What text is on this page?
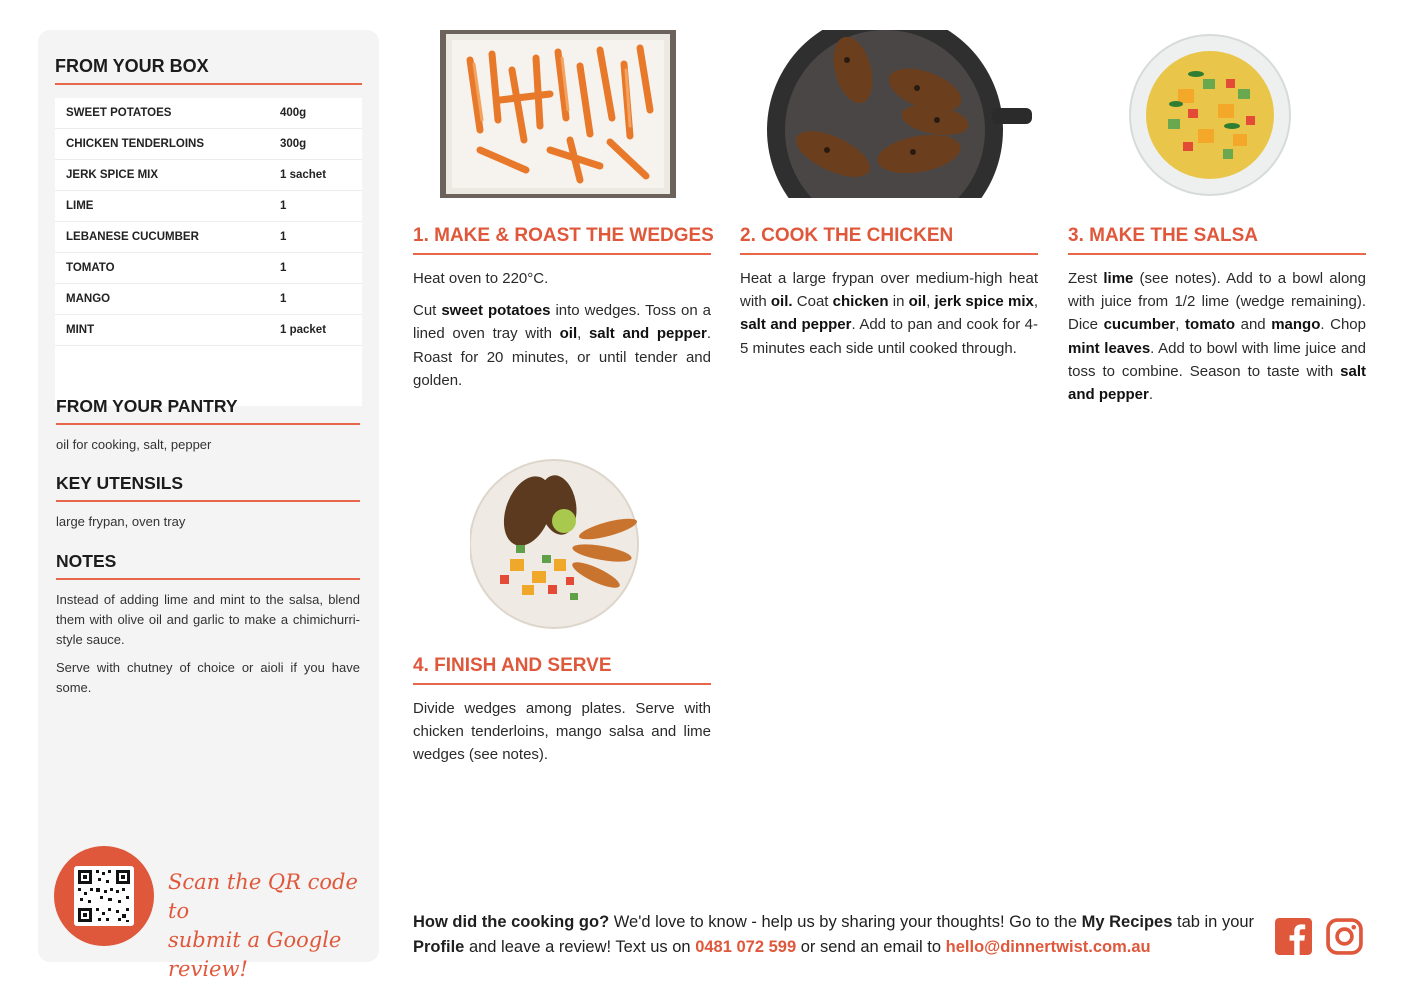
FROM YOUR BOX
SWEET POTATOES	400g
CHICKEN TENDERLOINS	300g
JERK SPICE MIX	1 sachet
LIME	1
LEBANESE CUCUMBER	1
TOMATO	1
MANGO	1
MINT	1 packet
FROM YOUR PANTRY
oil for cooking, salt, pepper
KEY UTENSILS
large frypan, oven tray
NOTES

Instead of adding lime and mint to the salsa, blend them with olive oil and garlic to make a chimichurri-style sauce.

Serve with chutney of choice or aioli if you have some.

Scan the QR code to
submit a Google review!
1. MAKE & ROAST THE WEDGES

Heat oven to 220°C.

Cut sweet potatoes into wedges. Toss on a lined oven tray with oil, salt and pepper. Roast for 20 minutes, or until tender and golden.

2. COOK THE CHICKEN

Heat a large frypan over medium-high heat with oil. Coat chicken in oil, jerk spice mix, salt and pepper. Add to pan and cook for 4-5 minutes each side until cooked through.

3. MAKE THE SALSA

Zest lime (see notes). Add to a bowl along with juice from 1/2 lime (wedge remaining). Dice cucumber, tomato and mango. Chop mint leaves. Add to bowl with lime juice and toss to combine. Season to taste with salt and pepper.

4. FINISH AND SERVE

Divide wedges among plates. Serve with chicken tenderloins, mango salsa and lime wedges (see notes).

How did the cooking go? We'd love to know - help us by sharing your thoughts! Go to the My Recipes tab in your Profile and leave a review! Text us on 0481 072 599 or send an email to hello@dinnertwist.com.au
